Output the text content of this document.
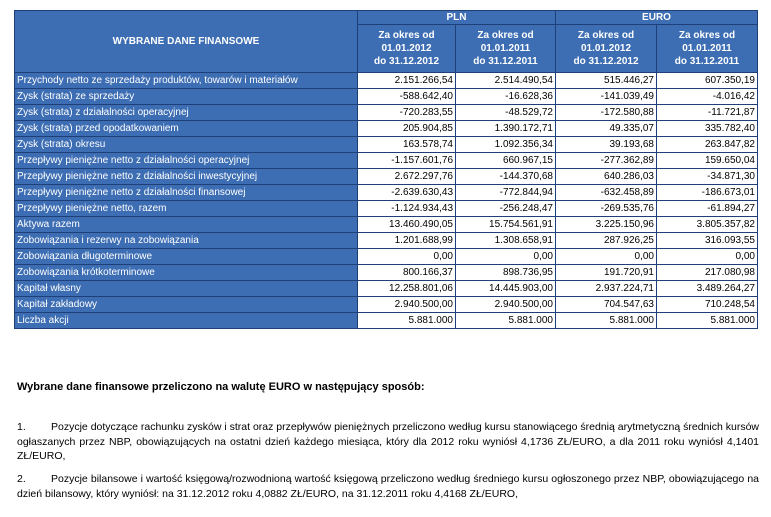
WYBRANE DANE FINANSOWE	PLN		EURO	
	Za okres od
01.01.2012
do 31.12.2012	Za okres od
01.01.2011
do 31.12.2011	Za okres od
01.01.2012
do 31.12.2012	Za okres od
01.01.2011
do 31.12.2011
Przychody netto ze sprzedaży produktów, towarów i materiałów	2.151.266,54	2.514.490,54	515.446,27	607.350,19
Zysk (strata) ze sprzedaży	-588.642,40	-16.628,36	-141.039,49	-4.016,42
Zysk (strata) z działalności operacyjnej	-720.283,55	-48.529,72	-172.580,88	-11.721,87
Zysk (strata) przed opodatkowaniem	205.904,85	1.390.172,71	49.335,07	335.782,40
Zysk (strata) okresu	163.578,74	1.092.356,34	39.193,68	263.847,82
Przepływy pieniężne netto z działalności operacyjnej	-1.157.601,76	660.967,15	-277.362,89	159.650,04
Przepływy pieniężne netto z działalności inwestycyjnej	2.672.297,76	-144.370,68	640.286,03	-34.871,30
Przepływy pieniężne netto z działalności finansowej	-2.639.630,43	-772.844,94	-632.458,89	-186.673,01
Przepływy pieniężne netto, razem	-1.124.934,43	-256.248,47	-269.535,76	-61.894,27
Aktywa razem	13.460.490,05	15.754.561,91	3.225.150,96	3.805.357,82
Zobowiązania i rezerwy na zobowiązania	1.201.688,99	1.308.658,91	287.926,25	316.093,55
Zobowiązania długoterminowe	0,00	0,00	0,00	0,00
Zobowiązania krótkoterminowe	800.166,37	898.736,95	191.720,91	217.080,98
Kapitał własny	12.258.801,06	14.445.903,00	2.937.224,71	3.489.264,27
Kapitał zakładowy	2.940.500,00	2.940.500,00	704.547,63	710.248,54
Liczba akcji	5.881.000	5.881.000	5.881.000	5.881.000
Wybrane dane finansowe przeliczono na walutę EURO w następujący sposób:

1. Pozycje dotyczące rachunku zysków i strat oraz przepływów pieniężnych przeliczono według kursu stanowiącego średnią arytmetyczną średnich kursów ogłaszanych przez NBP, obowiązujących na ostatni dzień każdego miesiąca, który dla 2012 roku wyniósł 4,1736 ZŁ/EURO, a dla 2011 roku wyniósł 4,1401 ZŁ/EURO,

2. Pozycje bilansowe i wartość księgową/rozwodnioną wartość księgową przeliczono według średniego kursu ogłoszonego przez NBP, obowiązującego na dzień bilansowy, który wyniósł: na 31.12.2012 roku 4,0882 ZŁ/EURO, na 31.12.2011 roku 4,4168 ZŁ/EURO,
